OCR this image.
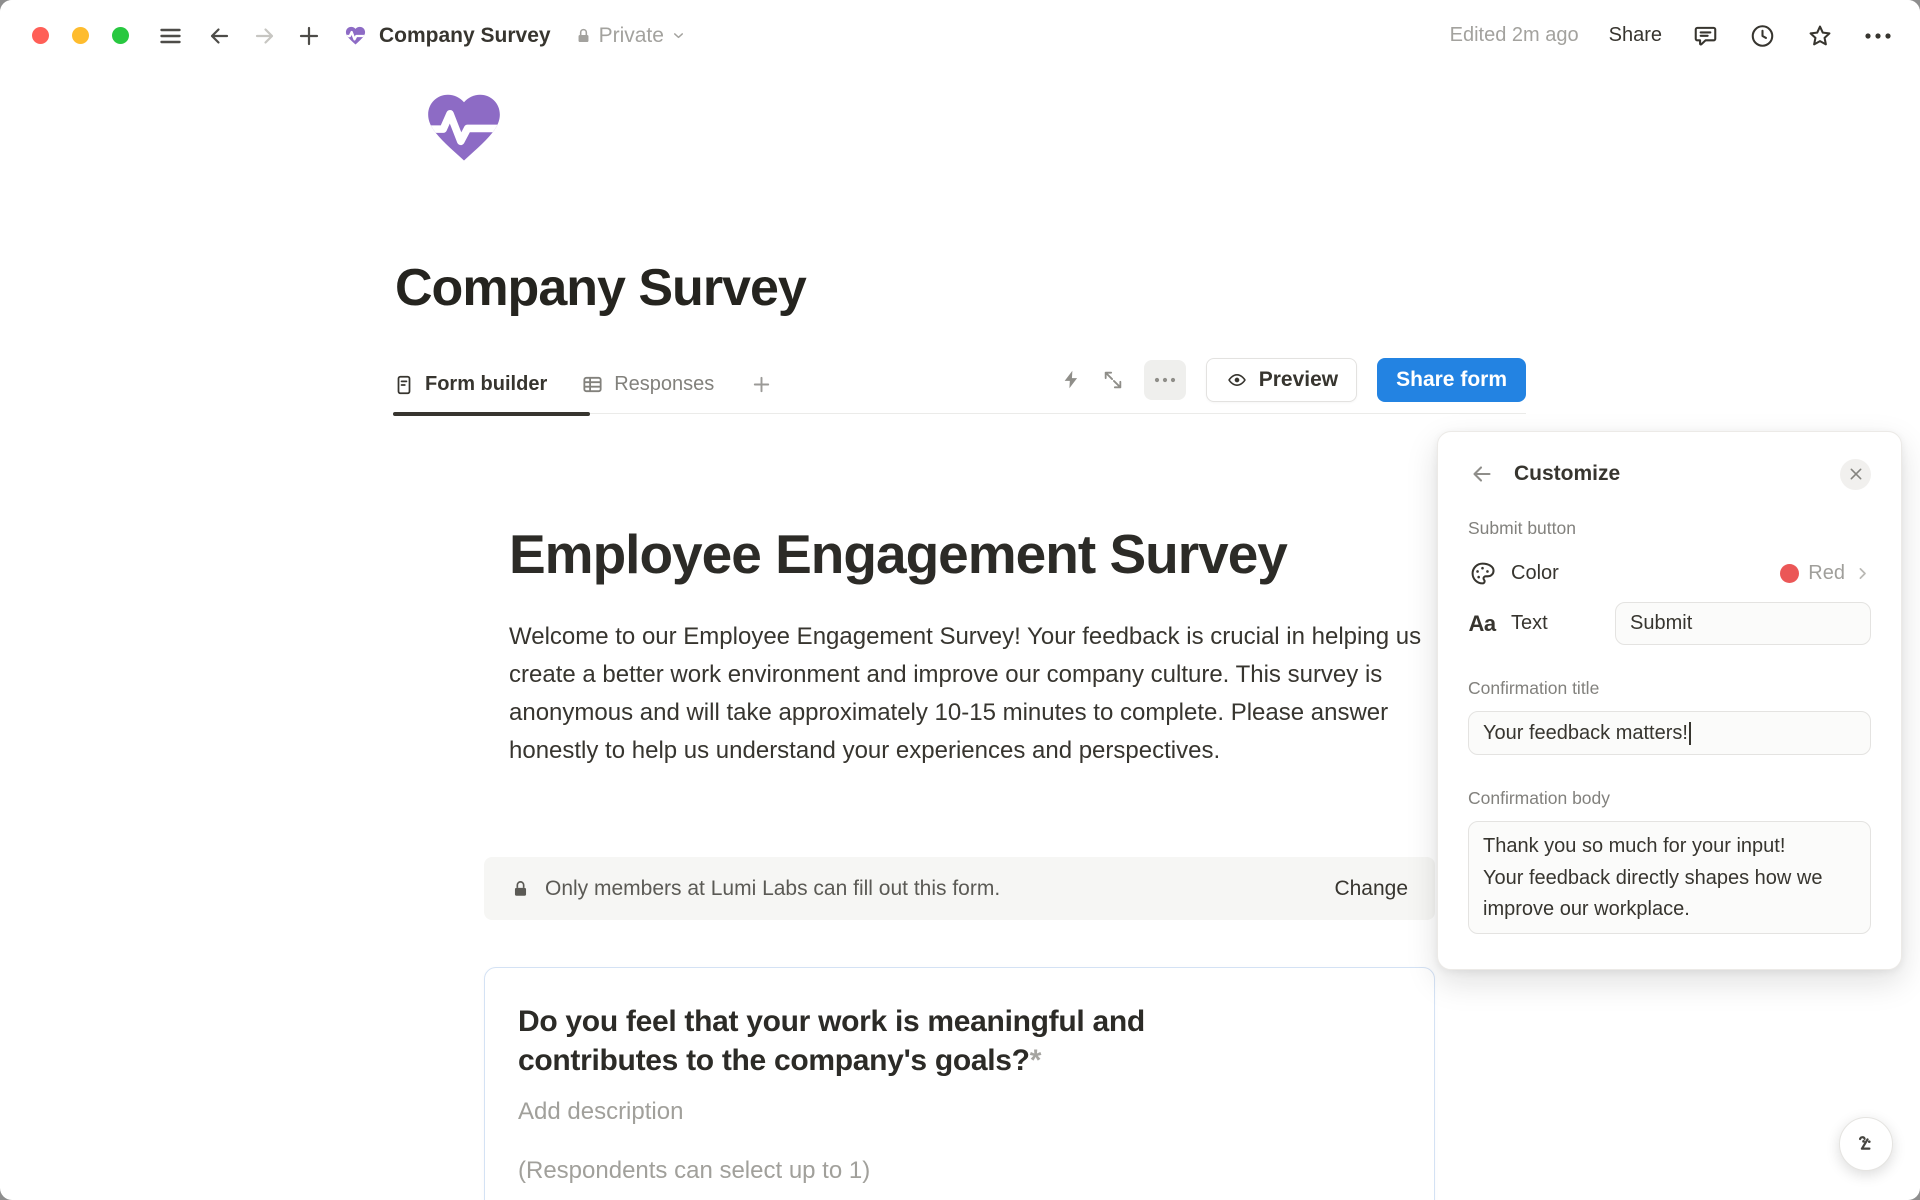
Company Survey Private	Edited 2m ago Share
Company Survey
Form builder	Responses	Preview	Share form
Employee Engagement Survey

Welcome to our Employee Engagement Survey! Your feedback is crucial in helping us create a better work environment and improve our company culture. This survey is anonymous and will take approximately 10-15 minutes to complete. Please answer honestly to help us understand your experiences and perspectives.

Only members at Lumi Labs can fill out this form.	Change
Do you feel that your work is meaningful and contributes to the company's goals?*
Add description
(Respondents can select up to 1)
Customize
Submit button
Color	Red
Aa Text	Submit
Confirmation title
Your feedback matters!
Confirmation body
Thank you so much for your input! Your feedback directly shapes how we improve our workplace.
